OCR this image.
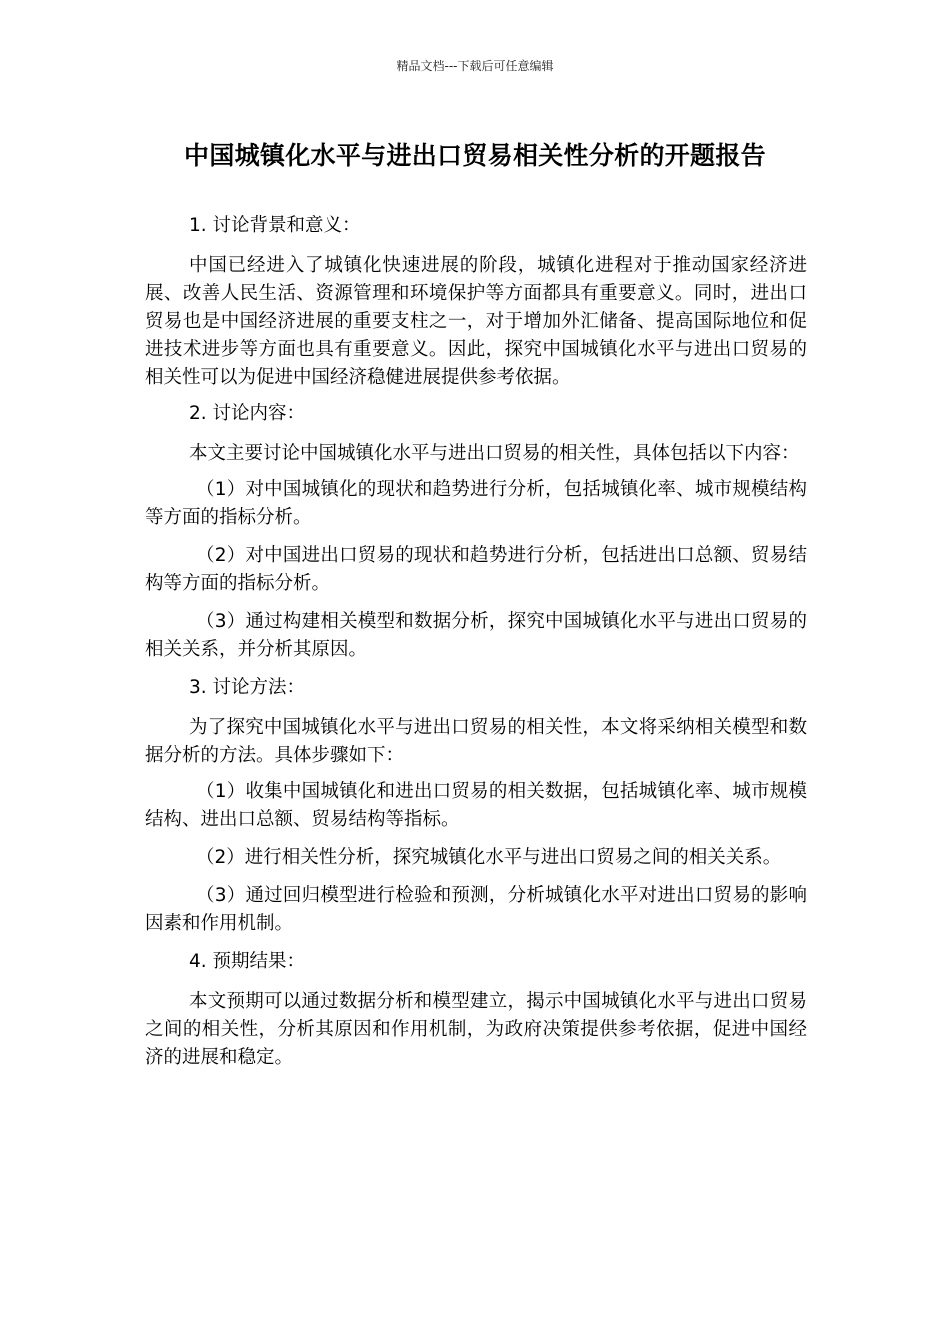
精品文档---下载后可任意编辑
中国城镇化水平与进出口贸易相关性分析的开题报告

1. 讨论背景和意义：

中国已经进入了城镇化快速进展的阶段，城镇化进程对于推动国家经济进展、改善人民生活、资源管理和环境保护等方面都具有重要意义。同时，进出口贸易也是中国经济进展的重要支柱之一，对于增加外汇储备、提高国际地位和促进技术进步等方面也具有重要意义。因此，探究中国城镇化水平与进出口贸易的相关性可以为促进中国经济稳健进展提供参考依据。

2. 讨论内容：

本文主要讨论中国城镇化水平与进出口贸易的相关性，具体包括以下内容：

（1）对中国城镇化的现状和趋势进行分析，包括城镇化率、城市规模结构等方面的指标分析。

（2）对中国进出口贸易的现状和趋势进行分析，包括进出口总额、贸易结构等方面的指标分析。

（3）通过构建相关模型和数据分析，探究中国城镇化水平与进出口贸易的相关关系，并分析其原因。

3. 讨论方法：

为了探究中国城镇化水平与进出口贸易的相关性，本文将采纳相关模型和数据分析的方法。具体步骤如下：

（1）收集中国城镇化和进出口贸易的相关数据，包括城镇化率、城市规模结构、进出口总额、贸易结构等指标。

（2）进行相关性分析，探究城镇化水平与进出口贸易之间的相关关系。

（3）通过回归模型进行检验和预测，分析城镇化水平对进出口贸易的影响因素和作用机制。

4. 预期结果：

本文预期可以通过数据分析和模型建立，揭示中国城镇化水平与进出口贸易之间的相关性，分析其原因和作用机制，为政府决策提供参考依据，促进中国经济的进展和稳定。
